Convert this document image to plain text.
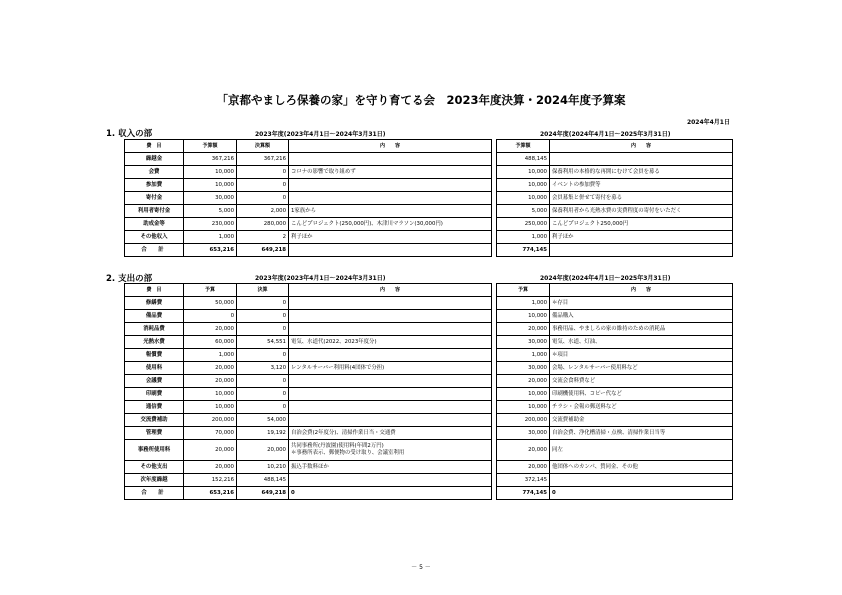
「京都やましろ保養の家」を守り育てる会　2023年度決算・2024年度予算案
2024年4月1日
1. 収入の部	2023年度(2023年4月1日～2024年3月31日)	2024年度(2024年4月1日～2025年3月31日)
費　目	予算額	決算額	内　　容		予算額	内　　容
繰越金	367,216	367,216			488,145	
会費	10,000	0	コロナの影響で取り組めず		10,000	保養利用の本格的な再開にむけて会員を募る
参加費	10,000	0			10,000	イベントの参加費等
寄付金	30,000	0			10,000	会員募集と併せて寄付を募る
利用者寄付金	5,000	2,000	1家族から		5,000	保養利用者から光熱水費の実費程度の寄付をいただく
助成金等	230,000	280,000	こんどプロジェクト(250,000円)、木津川マラソン(30,000円)		250,000	こんどプロジェクト250,000円
その他収入	1,000	2	利子ほか		1,000	利子ほか
合　計	653,216	649,218			774,145	
2. 支出の部	2023年度(2023年4月1日～2024年3月31日)	2024年度(2024年4月1日～2025年3月31日)
費　目	予算	決算	内　　容		予算	内　　容
修繕費	50,000	0			1,000	＊存目
備品費	0	0			10,000	備品購入
消耗品費	20,000	0			20,000	事務用品、やましろの家の維持のための消耗品
光熱水費	60,000	54,551	電気、水道代(2022、2023年度分)		30,000	電気、水道、灯油、
報償費	1,000	0			1,000	＊項目
使用料	20,000	3,120	レンタルサーバー利用料(4団体で分担)		30,000	会場、レンタルサーバー使用料など
会議費	20,000	0			20,000	交流会食料費など
印刷費	10,000	0			10,000	印刷機使用料、コピー代など
通信費	10,000	0			10,000	チラシ・会報の郵送料など
交流費補助	200,000	54,000			200,000	交流費補助金
管理費	70,000	19,192	自治会費(2年度分)、清掃作業日当・交通費		30,000	自治会費、浄化槽清掃・点検、清掃作業日当等
事務所使用料	20,000	20,000	共同事務所(丹波園)使用料(年間2万円)
＊事務所表示、郵便物の受け取り、会議室利用		20,000	同左
その他支出	20,000	10,210	振込手数料ほか		20,000	他団体へのカンパ、賛同金、その他
次年度繰越	152,216	488,145			372,145	
合　計	653,216	649,218	0		774,145	0
－ 5 －
